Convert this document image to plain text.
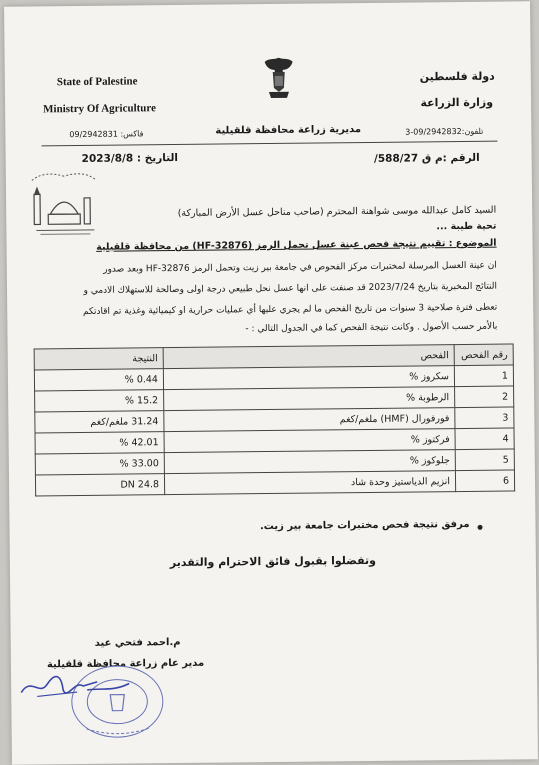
State of Palestine
Ministry Of Agriculture
09/2942831 :فاكس	مديرية زراعة محافظة قلقيلية
دولة فلسطين
وزارة الزراعة
تلفون:09/2942832-3
التاريخ : 2023/8/8	الرقم :م ق 588/27/
السيد كامل عبدالله موسى شواهنة المحترم (صاحب مناحل عسل الأرض المباركة)
تحية طيبة ...
الموضوع : تقييم نتيجة فحص عينة عسل تحمل الرمز (HF-32876) من محافظة قلقيلية
ان عينة العسل المرسلة لمختبرات مركز الفحوص في جامعة بير زيت وتحمل الرمز HF-32876 وبعد صدور
النتائج المخبرية بتاريخ 2023/7/24 قد صنفت على انها عسل نحل طبيعي درجة اولى وصالحة للاستهلاك الادمي و
تعطى فترة صلاحية 3 سنوات من تاريخ الفحص ما لم يجري عليها أي عمليات حرارية او كيميائية وغذية تم اقادتكم
بالأمر حسب الأصول . وكانت نتيجة الفحص كما في الجدول التالي : -
رقم الفحص	الفحص	النتيجة
1	سكروز %	0.44 %
2	الرطوبة %	15.2 %
3	فورفورال (HMF) ملغم/كغم	31.24 ملغم/كغم
4	فركتوز %	42.01 %
5	جلوكوز %	33.00 %
6	انزيم الدياستيز وحدة شاد	DN 24.8
مرفق نتيجة فحص مختبرات جامعة بير زيت.
وتفضلوا بقبول فائق الاحترام والتقدير
م.احمد فتحي عيد
مدير عام زراعة محافظة قلقيلية
